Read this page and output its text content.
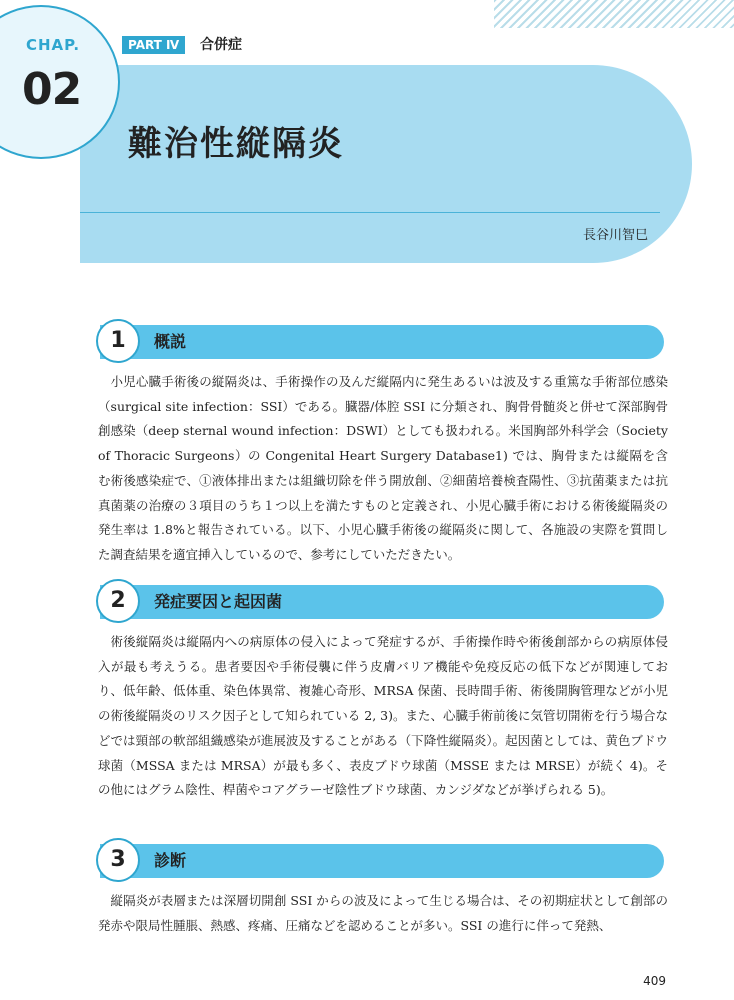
CHAP.
02
PART Ⅳ	合併症
難治性縦隔炎
長谷川智巳
1	概説

小児心臓手術後の縦隔炎は、手術操作の及んだ縦隔内に発生あるいは波及する重篤な手術部位感染（surgical site infection：SSI）である。臓器/体腔 SSI に分類され、胸骨骨髄炎と併せて深部胸骨創感染（deep sternal wound infection：DSWI）としても扱われる。米国胸部外科学会（Society of Thoracic Surgeons）の Congenital Heart Surgery Database1) では、胸骨または縦隔を含む術後感染症で、①液体排出または組織切除を伴う開放創、②細菌培養検査陽性、③抗菌薬または抗真菌薬の治療の３項目のうち１つ以上を満たすものと定義され、小児心臓手術における術後縦隔炎の発生率は 1.8%と報告されている。以下、小児心臓手術後の縦隔炎に関して、各施設の実際を質問した調査結果を適宜挿入しているので、参考にしていただきたい。

2	発症要因と起因菌

術後縦隔炎は縦隔内への病原体の侵入によって発症するが、手術操作時や術後創部からの病原体侵入が最も考えうる。患者要因や手術侵襲に伴う皮膚バリア機能や免疫反応の低下などが関連しており、低年齢、低体重、染色体異常、複雑心奇形、MRSA 保菌、長時間手術、術後開胸管理などが小児の術後縦隔炎のリスク因子として知られている 2, 3)。また、心臓手術前後に気管切開術を行う場合などでは頸部の軟部組織感染が進展波及することがある（下降性縦隔炎）。起因菌としては、黄色ブドウ球菌（MSSA または MRSA）が最も多く、表皮ブドウ球菌（MSSE または MRSE）が続く 4)。その他にはグラム陰性、桿菌やコアグラーゼ陰性ブドウ球菌、カンジダなどが挙げられる 5)。

3	診断

縦隔炎が表層または深層切開創 SSI からの波及によって生じる場合は、その初期症状として創部の発赤や限局性腫脹、熱感、疼痛、圧痛などを認めることが多い。SSI の進行に伴って発熱、

409
